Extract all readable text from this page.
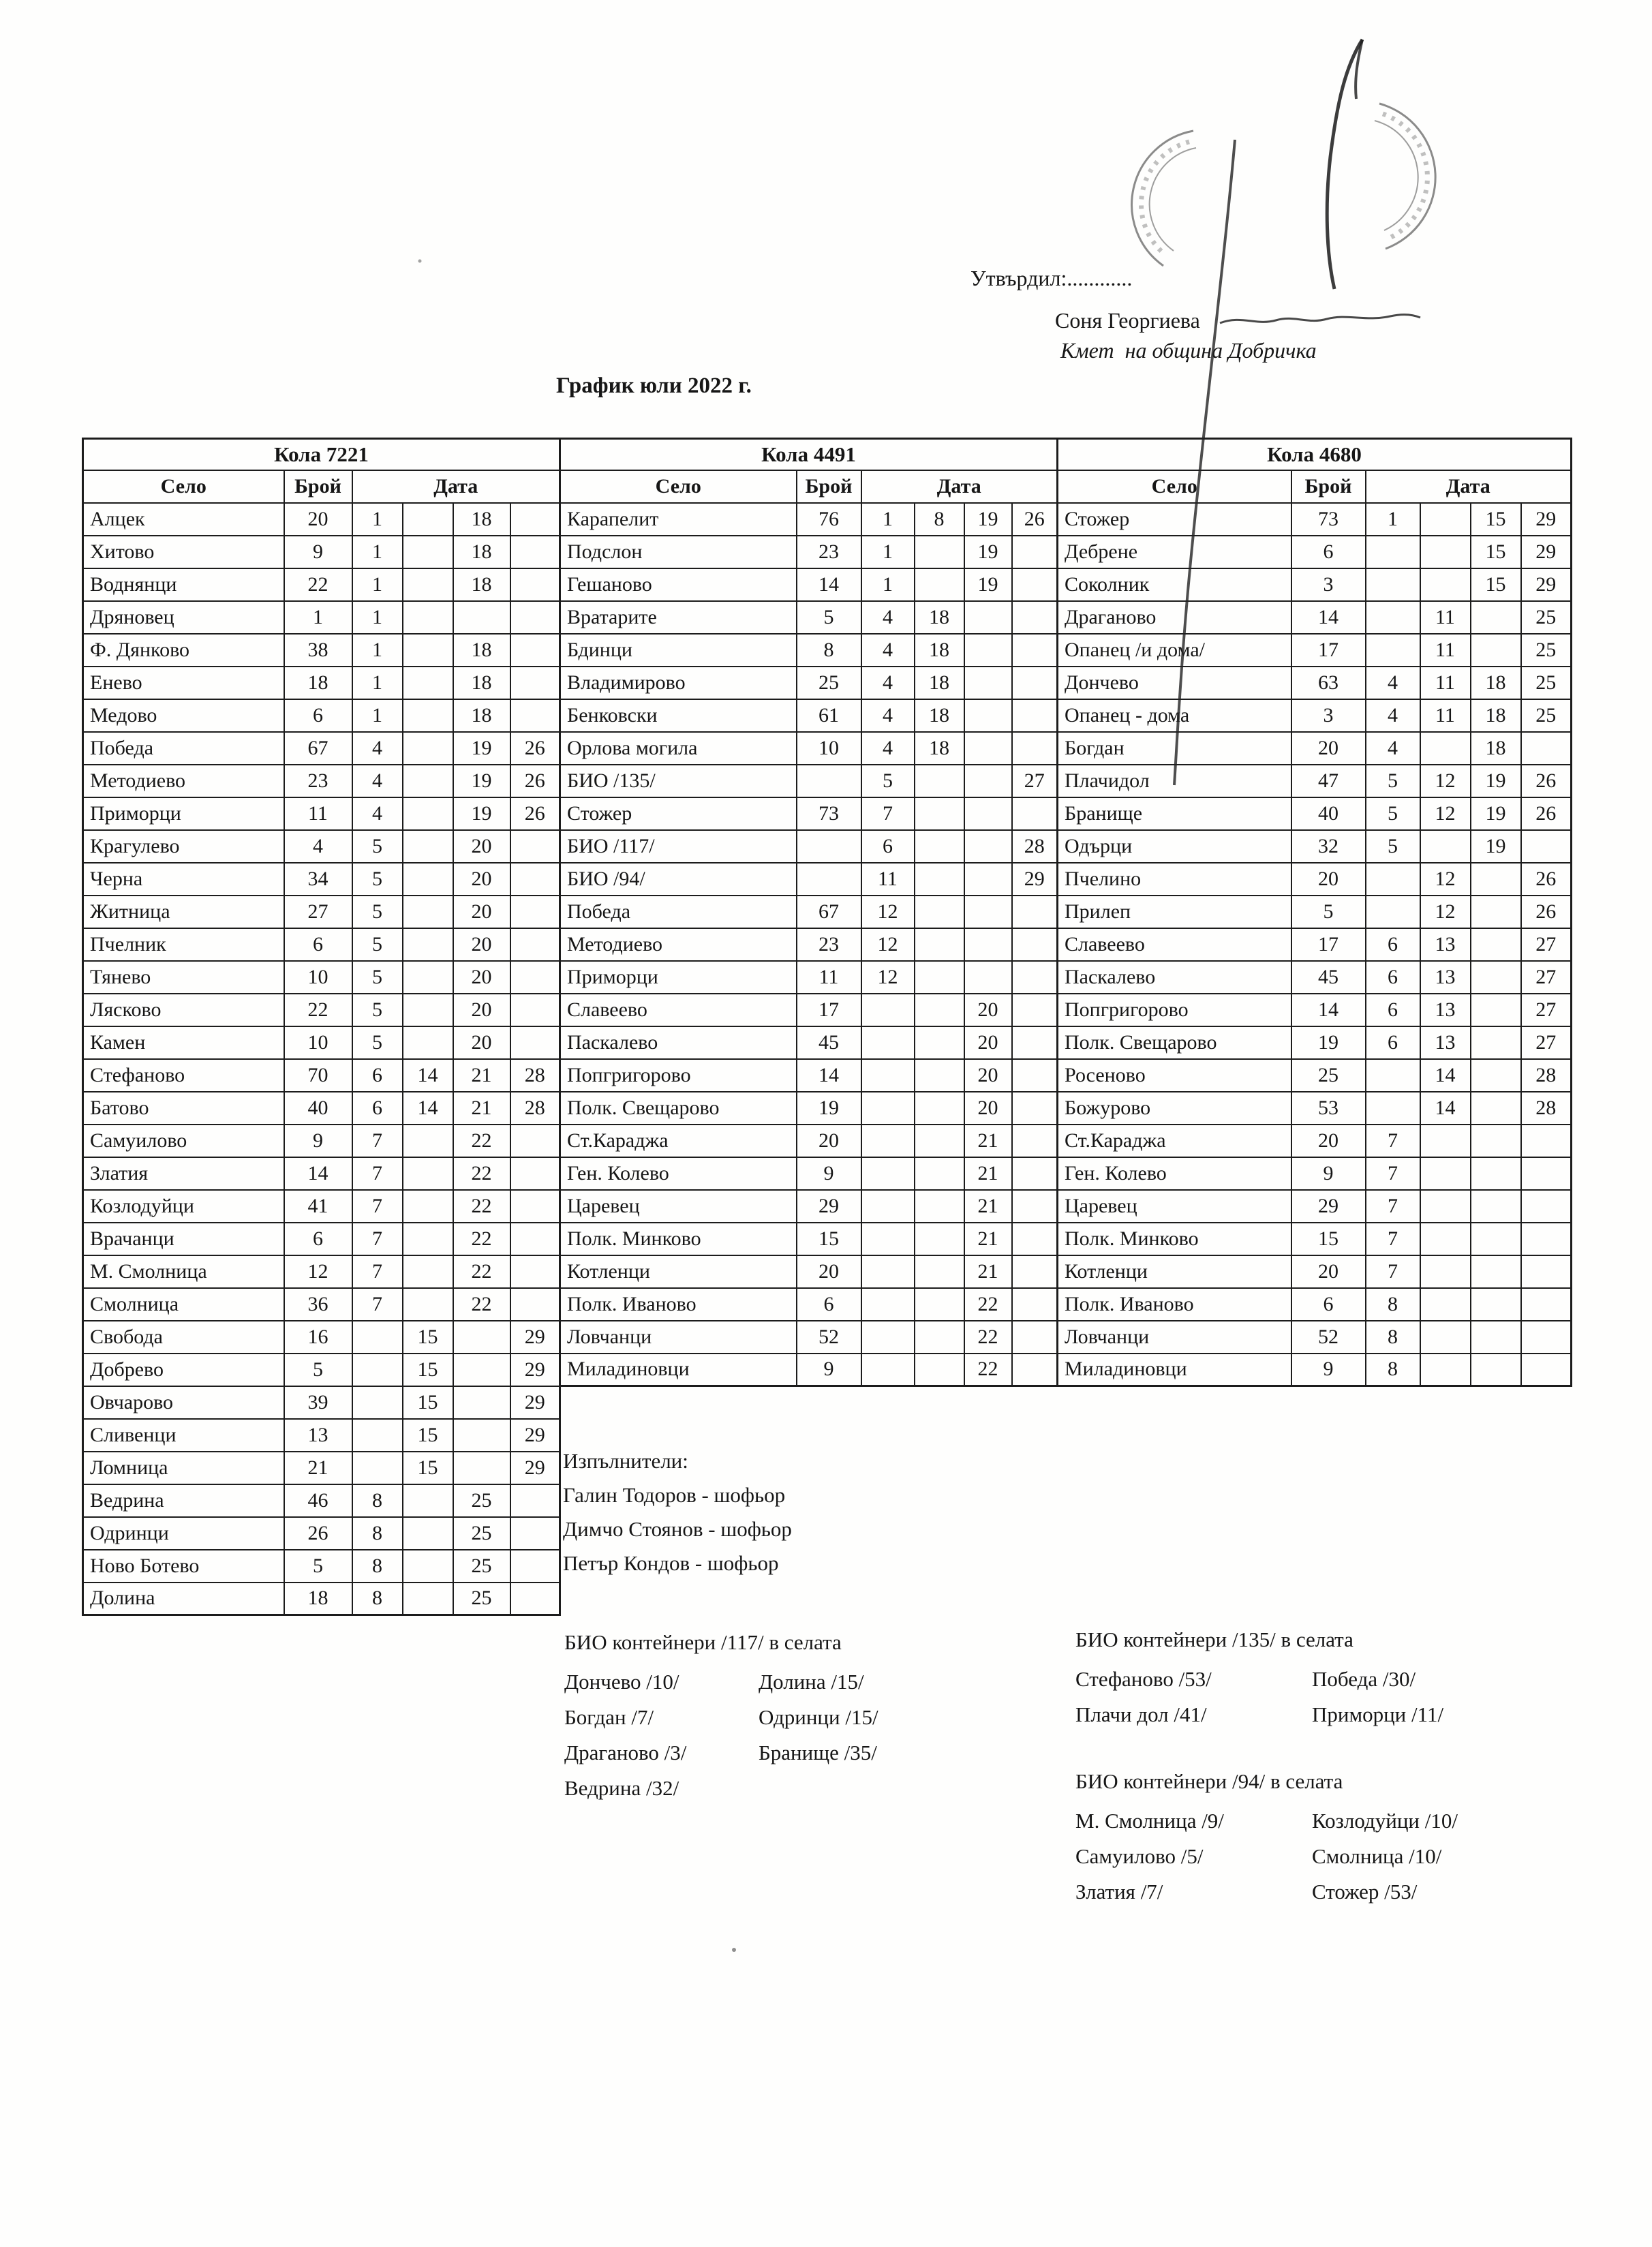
Утвърдил:............
Соня Георгиева
Кмет  на община Добричка
График юли 2022 г.
Кола 7221					
Село	Брой	Дата			
Алцек	20	1		18	
Хитово	9	1		18	
Воднянци	22	1		18	
Дряновец	1	1			
Ф. Дянково	38	1		18	
Енево	18	1		18	
Медово	6	1		18	
Победа	67	4		19	26
Методиево	23	4		19	26
Приморци	11	4		19	26
Крагулево	4	5		20	
Черна	34	5		20	
Житница	27	5		20	
Пчелник	6	5		20	
Тянево	10	5		20	
Лясково	22	5		20	
Камен	10	5		20	
Стефаново	70	6	14	21	28
Батово	40	6	14	21	28
Самуилово	9	7		22	
Златия	14	7		22	
Козлодуйци	41	7		22	
Врачанци	6	7		22	
М. Смолница	12	7		22	
Смолница	36	7		22	
Свобода	16		15		29
Добрево	5		15		29
Овчарово	39		15		29
Сливенци	13		15		29
Ломница	21		15		29
Ведрина	46	8		25	
Одринци	26	8		25	
Ново Ботево	5	8		25	
Долина	18	8		25	
Кола 4491					
Село	Брой	Дата			
Карапелит	76	1	8	19	26
Подслон	23	1		19	
Гешаново	14	1		19	
Вратарите	5	4	18		
Бдинци	8	4	18		
Владимирово	25	4	18		
Бенковски	61	4	18		
Орлова могила	10	4	18		
БИО /135/		5			27
Стожер	73	7			
БИО /117/		6			28
БИО /94/		11			29
Победа	67	12			
Методиево	23	12			
Приморци	11	12			
Славеево	17			20	
Паскалево	45			20	
Попгригорово	14			20	
Полк. Свещарово	19			20	
Ст.Караджа	20			21	
Ген. Колево	9			21	
Царевец	29			21	
Полк. Минково	15			21	
Котленци	20			21	
Полк. Иваново	6			22	
Ловчанци	52			22	
Миладиновци	9			22	
Кола 4680					
Село	Брой	Дата			
Стожер	73	1		15	29
Дебрене	6			15	29
Соколник	3			15	29
Драганово	14		11		25
Опанец /и дома/	17		11		25
Дончево	63	4	11	18	25
Опанец - дома	3	4	11	18	25
Богдан	20	4		18	
Плачидол	47	5	12	19	26
Бранище	40	5	12	19	26
Одърци	32	5		19	
Пчелино	20		12		26
Прилеп	5		12		26
Славеево	17	6	13		27
Паскалево	45	6	13		27
Попгригорово	14	6	13		27
Полк. Свещарово	19	6	13		27
Росеново	25		14		28
Божурово	53		14		28
Ст.Караджа	20	7			
Ген. Колево	9	7			
Царевец	29	7			
Полк. Минково	15	7			
Котленци	20	7			
Полк. Иваново	6	8			
Ловчанци	52	8			
Миладиновци	9	8			
Изпълнители:
Галин Тодоров - шофьор
Димчо Стоянов - шофьор
Петър Кондов - шофьор
БИО контейнери /117/ в селата
Дончево /10/
Богдан /7/
Драганово /3/
Ведрина /32/
Долина /15/
Одринци /15/
Бранище /35/
БИО контейнери /135/ в селата
Стефаново /53/
Плачи дол /41/
Победа /30/
Приморци /11/
БИО контейнери /94/ в селата
М. Смолница /9/
Самуилово /5/
Златия /7/
Козлодуйци /10/
Смолница /10/
Стожер /53/
